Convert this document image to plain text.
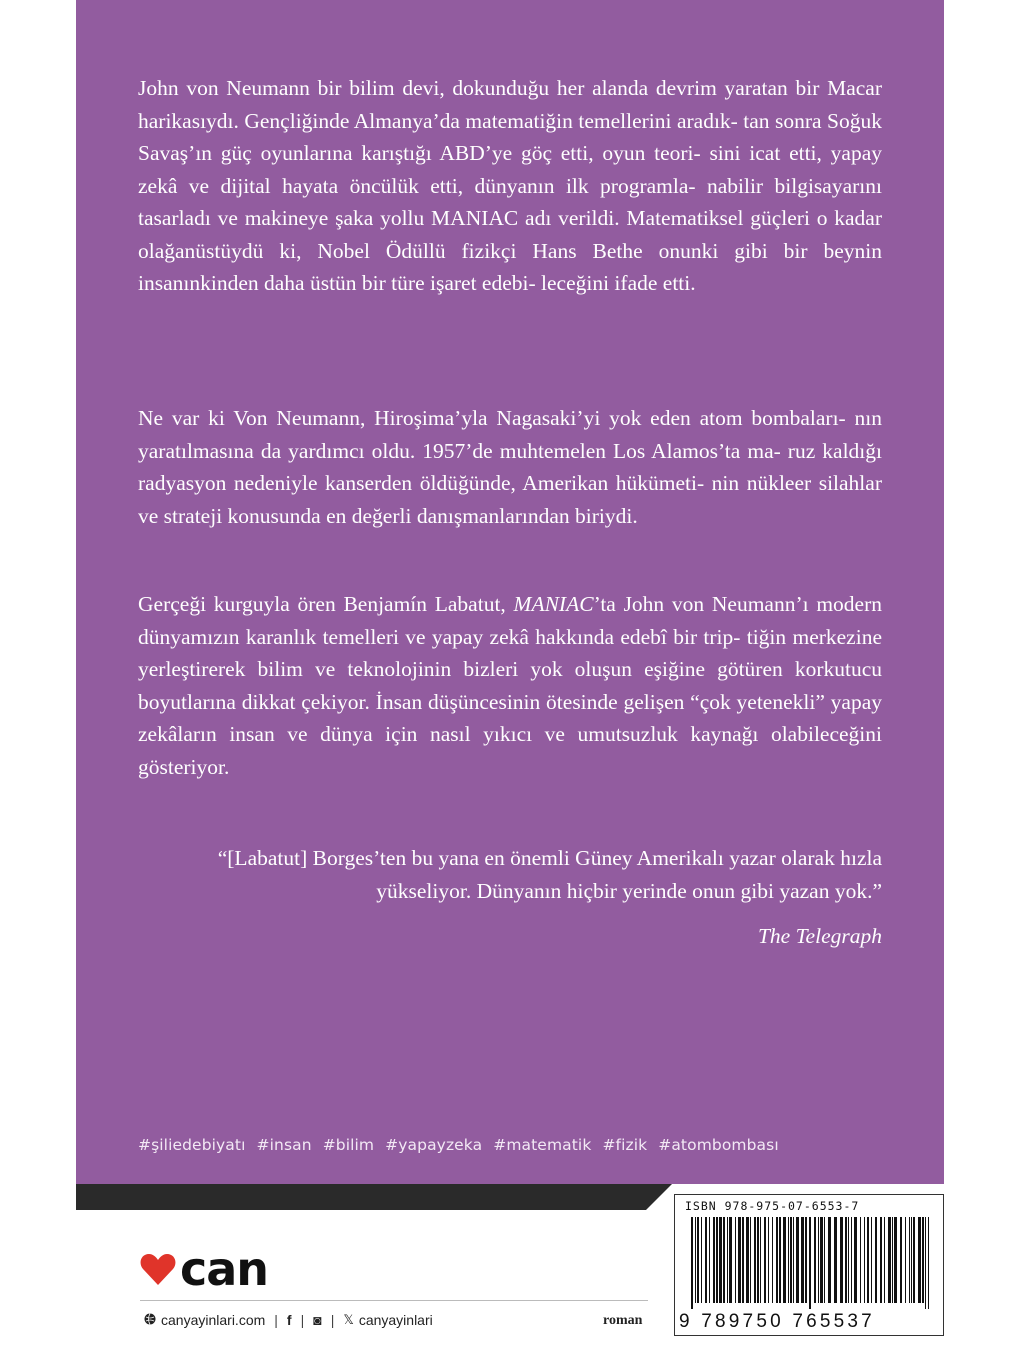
John von Neumann bir bilim devi, dokunduğu her alanda devrim yaratan bir Macar harikasıydı. Gençliğinde Almanya’da matematiğin temellerini aradık- tan sonra Soğuk Savaş’ın güç oyunlarına karıştığı ABD’ye göç etti, oyun teori- sini icat etti, yapay zekâ ve dijital hayata öncülük etti, dünyanın ilk programla- nabilir bilgisayarını tasarladı ve makineye şaka yollu MANIAC adı verildi. Matematiksel güçleri o kadar olağanüstüydü ki, Nobel Ödüllü fizikçi Hans Bethe onunki gibi bir beynin insanınkinden daha üstün bir türe işaret edebi- leceğini ifade etti.

Ne var ki Von Neumann, Hiroşima’yla Nagasaki’yi yok eden atom bombaları- nın yaratılmasına da yardımcı oldu. 1957’de muhtemelen Los Alamos’ta ma- ruz kaldığı radyasyon nedeniyle kanserden öldüğünde, Amerikan hükümeti- nin nükleer silahlar ve strateji konusunda en değerli danışmanlarından biriydi.

Gerçeği kurguyla ören Benjamín Labatut, MANIAC’ta John von Neumann’ı modern dünyamızın karanlık temelleri ve yapay zekâ hakkında edebî bir trip- tiğin merkezine yerleştirerek bilim ve teknolojinin bizleri yok oluşun eşiğine götüren korkutucu boyutlarına dikkat çekiyor. İnsan düşüncesinin ötesinde gelişen “çok yetenekli” yapay zekâların insan ve dünya için nasıl yıkıcı ve umutsuzluk kaynağı olabileceğini gösteriyor.

“[Labatut] Borges’ten bu yana en önemli Güney Amerikalı yazar olarak hızla yükseliyor. Dünyanın hiçbir yerinde onun gibi yazan yok.”

The Telegraph
#şiliedebiyatı #insan #bilim #yapayzeka #matematik #fizik #atombombası
ISBN 978-975-07-6553-7
9 789750 765537
can
canyayinlari.com | f | ◙ | 𝕏 canyayinlari	roman
